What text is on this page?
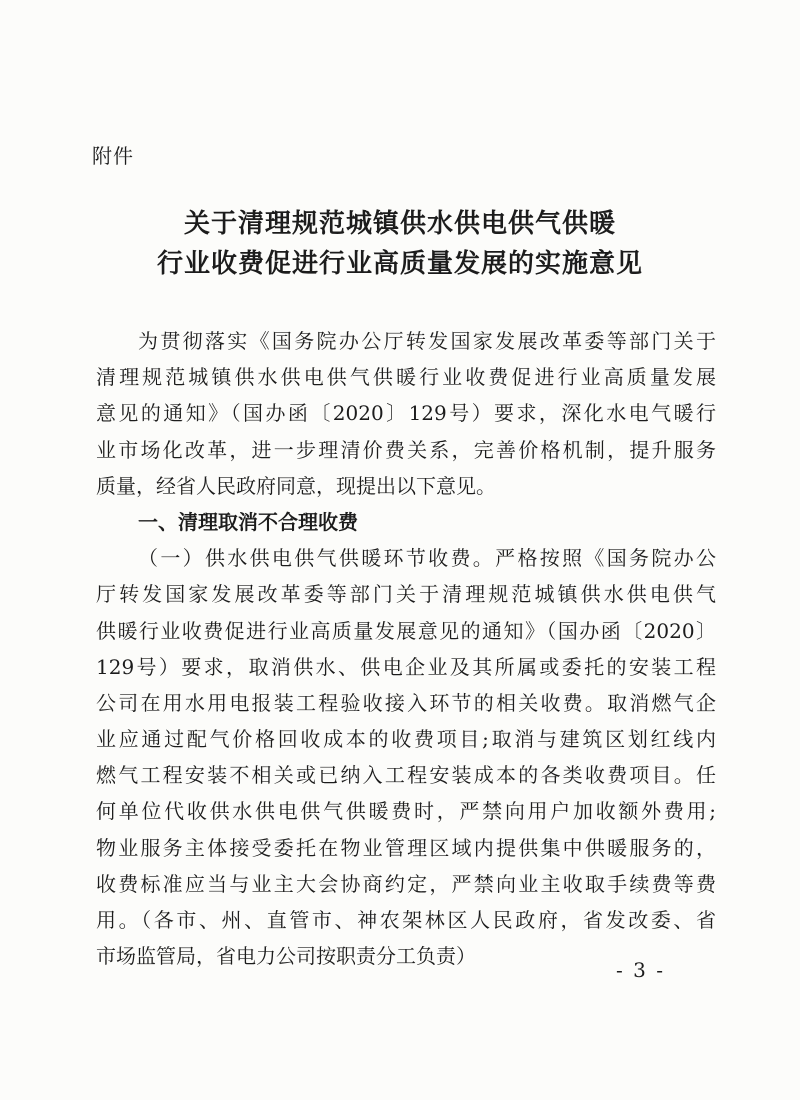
附件
关于清理规范城镇供水供电供气供暖
行业收费促进行业高质量发展的实施意见
为贯彻落实《国务院办公厅转发国家发展改革委等部门关于
清理规范城镇供水供电供气供暖行业收费促进行业高质量发展
意见的通知》（国办函〔2020〕129号）要求，深化水电气暖行
业市场化改革，进一步理清价费关系，完善价格机制，提升服务
质量，经省人民政府同意，现提出以下意见。
一、清理取消不合理收费
（一）供水供电供气供暖环节收费。严格按照《国务院办公
厅转发国家发展改革委等部门关于清理规范城镇供水供电供气
供暖行业收费促进行业高质量发展意见的通知》（国办函〔2020〕
129号）要求，取消供水、供电企业及其所属或委托的安装工程
公司在用水用电报装工程验收接入环节的相关收费。取消燃气企
业应通过配气价格回收成本的收费项目;取消与建筑区划红线内
燃气工程安装不相关或已纳入工程安装成本的各类收费项目。任
何单位代收供水供电供气供暖费时，严禁向用户加收额外费用;
物业服务主体接受委托在物业管理区域内提供集中供暖服务的，
收费标准应当与业主大会协商约定，严禁向业主收取手续费等费
用。（各市、州、直管市、神农架林区人民政府，省发改委、省
市场监管局，省电力公司按职责分工负责）
- 3 -
